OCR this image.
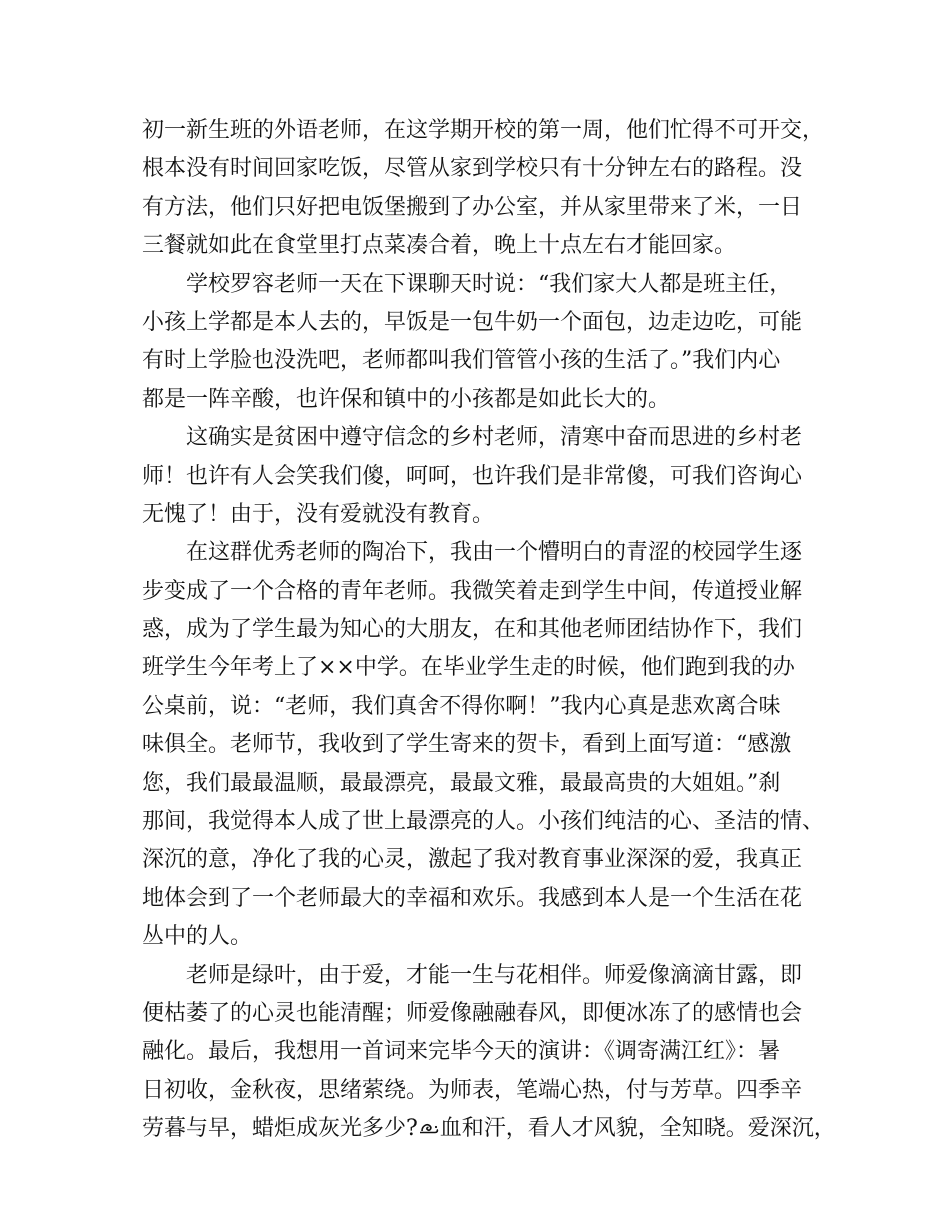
初一新生班的外语老师，在这学期开校的第一周，他们忙得不可开交，
根本没有时间回家吃饭，尽管从家到学校只有十分钟左右的路程。没
有方法，他们只好把电饭堡搬到了办公室，并从家里带来了米，一日
三餐就如此在食堂里打点菜凑合着，晚上十点左右才能回家。
学校罗容老师一天在下课聊天时说：“我们家大人都是班主任，
小孩上学都是本人去的，早饭是一包牛奶一个面包，边走边吃，可能
有时上学脸也没洗吧，老师都叫我们管管小孩的生活了。”我们内心
都是一阵辛酸，也许保和镇中的小孩都是如此长大的。
这确实是贫困中遵守信念的乡村老师，清寒中奋而思进的乡村老
师！也许有人会笑我们傻，呵呵，也许我们是非常傻，可我们咨询心
无愧了！由于，没有爱就没有教育。
在这群优秀老师的陶冶下，我由一个懵明白的青涩的校园学生逐
步变成了一个合格的青年老师。我微笑着走到学生中间，传道授业解
惑，成为了学生最为知心的大朋友，在和其他老师团结协作下，我们
班学生今年考上了××中学。在毕业学生走的时候，他们跑到我的办
公桌前，说：“老师，我们真舍不得你啊！”我内心真是悲欢离合味
味俱全。老师节，我收到了学生寄来的贺卡，看到上面写道：“感激
您，我们最最温顺，最最漂亮，最最文雅，最最高贵的大姐姐。”刹
那间，我觉得本人成了世上最漂亮的人。小孩们纯洁的心、圣洁的情、
深沉的意，净化了我的心灵，激起了我对教育事业深深的爱，我真正
地体会到了一个老师最大的幸福和欢乐。我感到本人是一个生活在花
丛中的人。
老师是绿叶，由于爱，才能一生与花相伴。师爱像滴滴甘露，即
便枯萎了的心灵也能清醒；师爱像融融春风，即便冰冻了的感情也会
融化。最后，我想用一首词来完毕今天的演讲：《调寄满江红》：暑
日初收，金秋夜，思绪萦绕。为师表，笔端心热，付与芳草。四季辛
劳暮与早，蜡炬成灰光多少? 血和汗，看人才风貌，全知晓。爱深沉，
